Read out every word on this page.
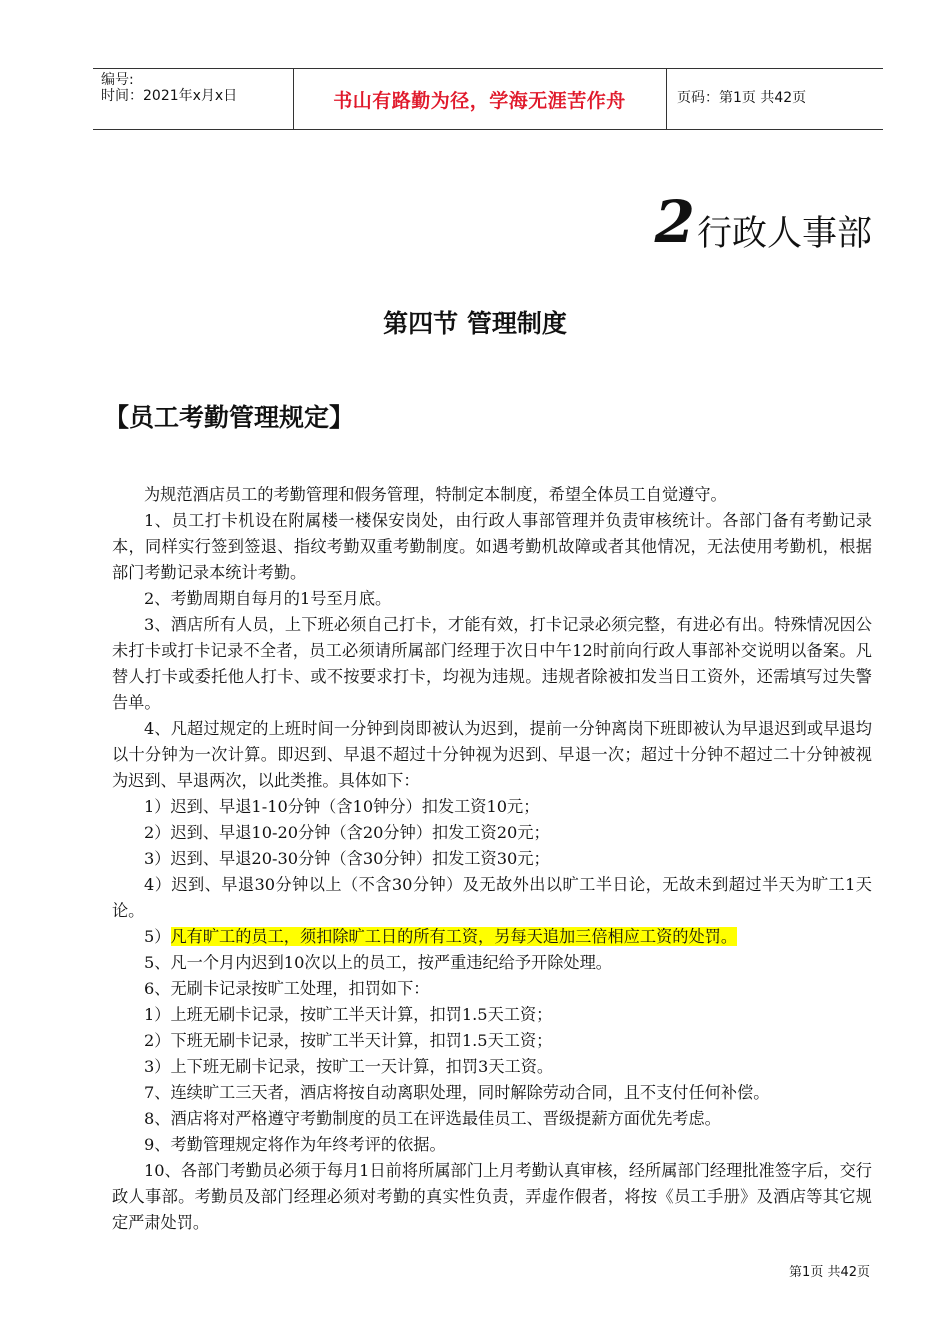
编号:
时间：2021年x月x日	书山有路勤为径，学海无涯苦作舟	页码：第1页 共42页
2行政人事部
第四节 管理制度
【员工考勤管理规定】

为规范酒店员工的考勤管理和假务管理，特制定本制度，希望全体员工自觉遵守。

1、员工打卡机设在附属楼一楼保安岗处，由行政人事部管理并负责审核统计。各部门备有考勤记录本，同样实行签到签退、指纹考勤双重考勤制度。如遇考勤机故障或者其他情况，无法使用考勤机，根据部门考勤记录本统计考勤。

2、考勤周期自每月的1号至月底。

3、酒店所有人员，上下班必须自己打卡，才能有效，打卡记录必须完整，有进必有出。特殊情况因公未打卡或打卡记录不全者，员工必须请所属部门经理于次日中午12时前向行政人事部补交说明以备案。凡替人打卡或委托他人打卡、或不按要求打卡，均视为违规。违规者除被扣发当日工资外，还需填写过失警告单。

4、凡超过规定的上班时间一分钟到岗即被认为迟到，提前一分钟离岗下班即被认为早退迟到或早退均以十分钟为一次计算。即迟到、早退不超过十分钟视为迟到、早退一次；超过十分钟不超过二十分钟被视为迟到、早退两次，以此类推。具体如下：

1）迟到、早退1-10分钟（含10钟分）扣发工资10元；

2）迟到、早退10-20分钟（含20分钟）扣发工资20元；

3）迟到、早退20-30分钟（含30分钟）扣发工资30元；

4）迟到、早退30分钟以上（不含30分钟）及无故外出以旷工半日论，无故未到超过半天为旷工1天论。

5）凡有旷工的员工，须扣除旷工日的所有工资，另每天追加三倍相应工资的处罚。

5、凡一个月内迟到10次以上的员工，按严重违纪给予开除处理。

6、无刷卡记录按旷工处理，扣罚如下：

1）上班无刷卡记录，按旷工半天计算，扣罚1.5天工资；

2）下班无刷卡记录，按旷工半天计算，扣罚1.5天工资；

3）上下班无刷卡记录，按旷工一天计算，扣罚3天工资。

7、连续旷工三天者，酒店将按自动离职处理，同时解除劳动合同，且不支付任何补偿。

8、酒店将对严格遵守考勤制度的员工在评选最佳员工、晋级提薪方面优先考虑。

9、考勤管理规定将作为年终考评的依据。

10、各部门考勤员必须于每月1日前将所属部门上月考勤认真审核，经所属部门经理批准签字后，交行政人事部。考勤员及部门经理必须对考勤的真实性负责，弄虚作假者，将按《员工手册》及酒店等其它规定严肃处罚。

第1页 共42页
